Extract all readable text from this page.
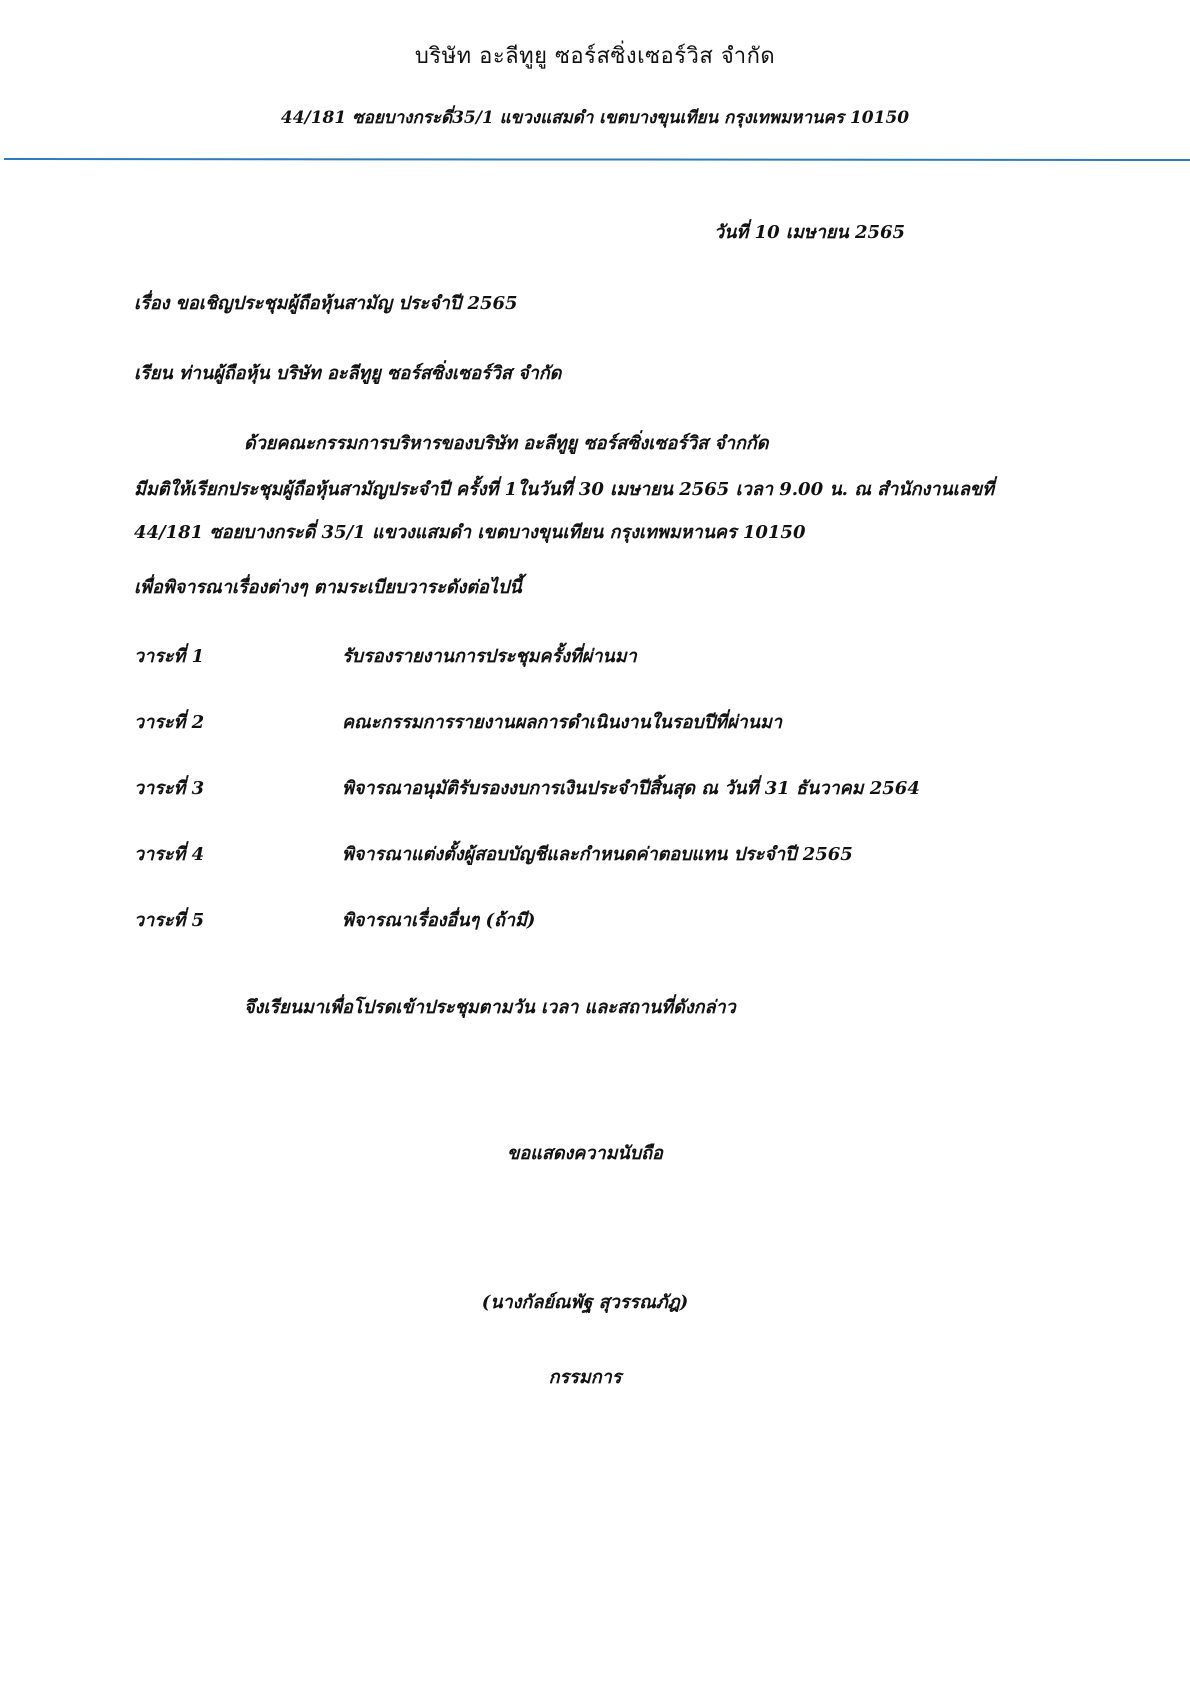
บริษัท อะลีทูยู ซอร์สซิ่งเซอร์วิส จำกัด
44/181 ซอยบางกระดี่35/1 แขวงแสมดำ เขตบางขุนเทียน กรุงเทพมหานคร 10150
วันที่ 10 เมษายน 2565
เรื่อง ขอเชิญประชุมผู้ถือหุ้นสามัญ ประจำปี 2565
เรียน ท่านผู้ถือหุ้น บริษัท อะลีทูยู ซอร์สซิ่งเซอร์วิส จำกัด
ด้วยคณะกรรมการบริหารของบริษัท อะลีทูยู ซอร์สซิ่งเซอร์วิส จำกกัด
มีมติให้เรียกประชุมผู้ถือหุ้นสามัญประจำปี ครั้งที่ 1ในวันที่ 30 เมษายน 2565 เวลา 9.00 น. ณ สำนักงานเลขที่
44/181 ซอยบางกระดี่ 35/1 แขวงแสมดำ เขตบางขุนเทียน กรุงเทพมหานคร 10150
เพื่อพิจารณาเรื่องต่างๆ ตามระเบียบวาระดังต่อไปนี้
วาระที่ 1	รับรองรายงานการประชุมครั้งที่ผ่านมา
วาระที่ 2	คณะกรรมการรายงานผลการดำเนินงานในรอบปีที่ผ่านมา
วาระที่ 3	พิจารณาอนุมัติรับรองงบการเงินประจำปีสิ้นสุด ณ วันที่ 31 ธันวาคม 2564
วาระที่ 4	พิจารณาแต่งตั้งผู้สอบบัญชีและกำหนดค่าตอบแทน ประจำปี 2565
วาระที่ 5	พิจารณาเรื่องอื่นๆ (ถ้ามี)
จึงเรียนมาเพื่อโปรดเข้าประชุมตามวัน เวลา และสถานที่ดังกล่าว
ขอแสดงความนับถือ
(นางกัลย์ณพัฐ สุวรรณภัฎ)
กรรมการ
